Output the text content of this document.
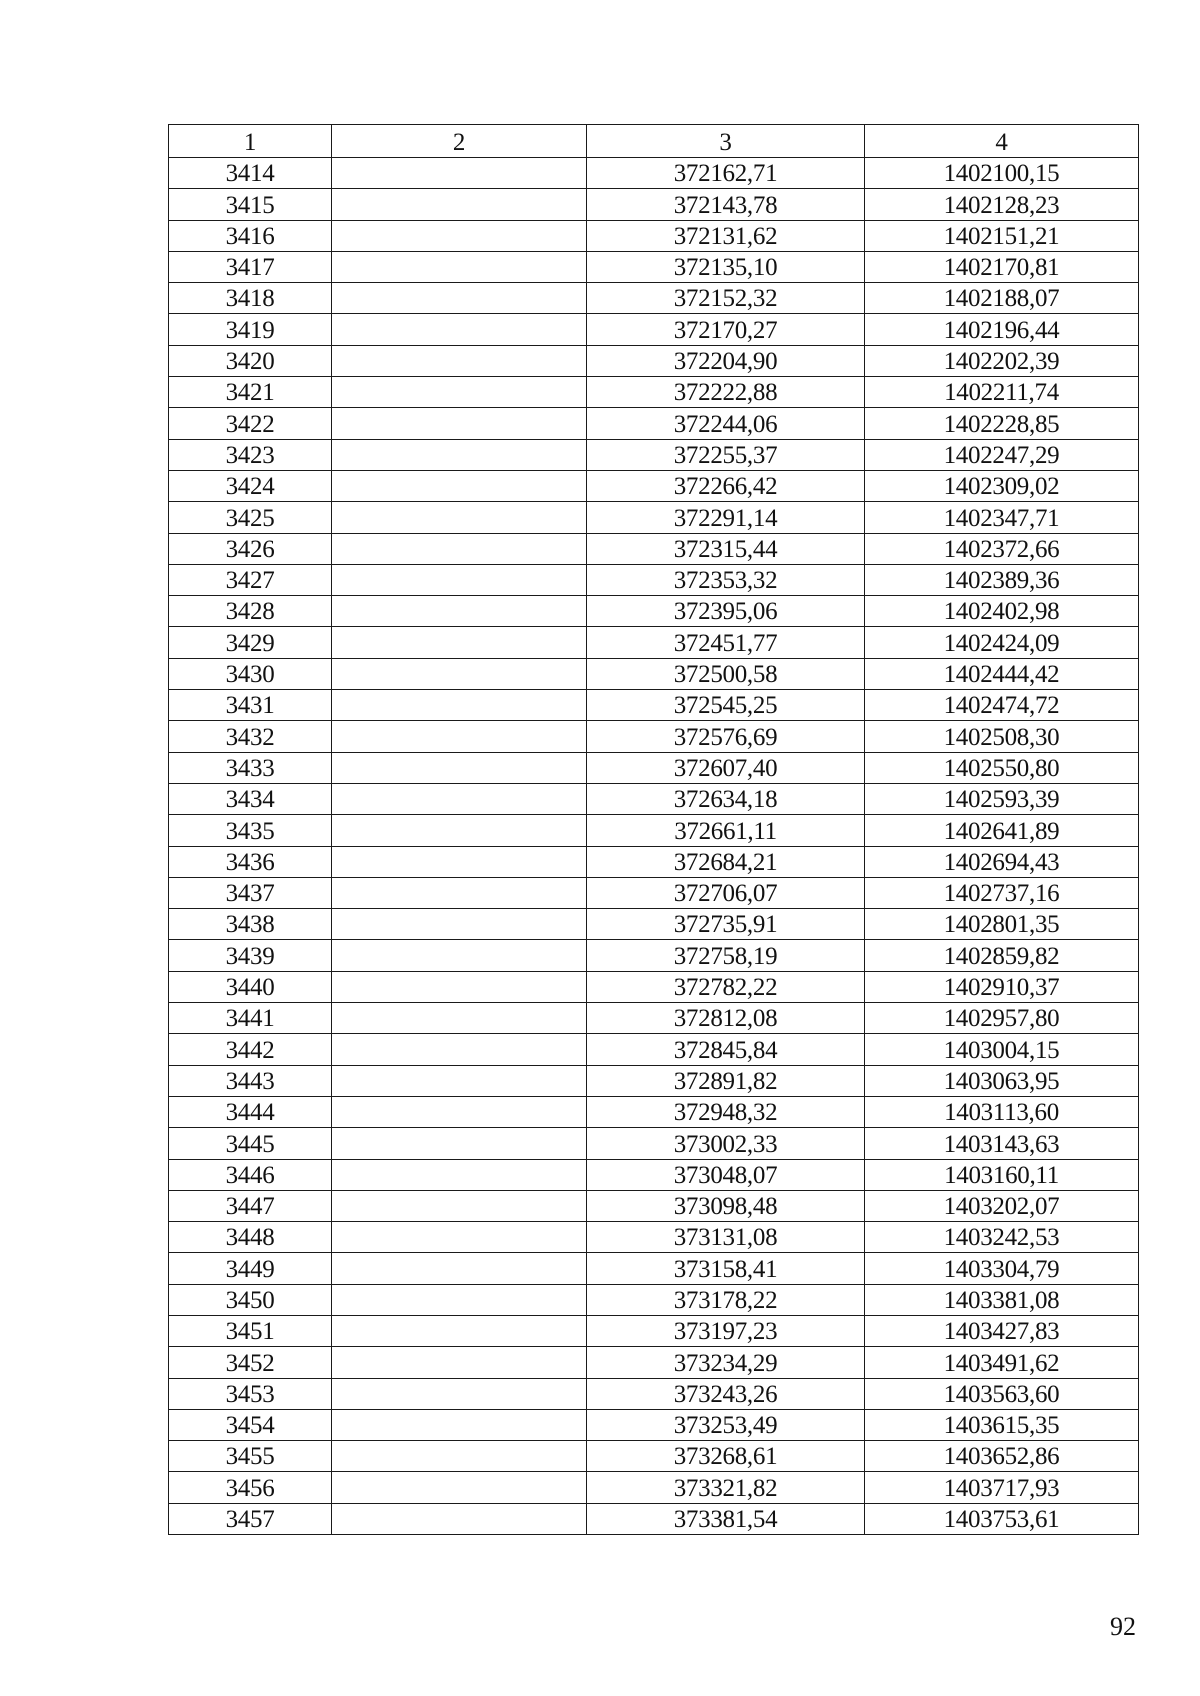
1	2	3	4
3414		372162,71	1402100,15
3415		372143,78	1402128,23
3416		372131,62	1402151,21
3417		372135,10	1402170,81
3418		372152,32	1402188,07
3419		372170,27	1402196,44
3420		372204,90	1402202,39
3421		372222,88	1402211,74
3422		372244,06	1402228,85
3423		372255,37	1402247,29
3424		372266,42	1402309,02
3425		372291,14	1402347,71
3426		372315,44	1402372,66
3427		372353,32	1402389,36
3428		372395,06	1402402,98
3429		372451,77	1402424,09
3430		372500,58	1402444,42
3431		372545,25	1402474,72
3432		372576,69	1402508,30
3433		372607,40	1402550,80
3434		372634,18	1402593,39
3435		372661,11	1402641,89
3436		372684,21	1402694,43
3437		372706,07	1402737,16
3438		372735,91	1402801,35
3439		372758,19	1402859,82
3440		372782,22	1402910,37
3441		372812,08	1402957,80
3442		372845,84	1403004,15
3443		372891,82	1403063,95
3444		372948,32	1403113,60
3445		373002,33	1403143,63
3446		373048,07	1403160,11
3447		373098,48	1403202,07
3448		373131,08	1403242,53
3449		373158,41	1403304,79
3450		373178,22	1403381,08
3451		373197,23	1403427,83
3452		373234,29	1403491,62
3453		373243,26	1403563,60
3454		373253,49	1403615,35
3455		373268,61	1403652,86
3456		373321,82	1403717,93
3457		373381,54	1403753,61
92
